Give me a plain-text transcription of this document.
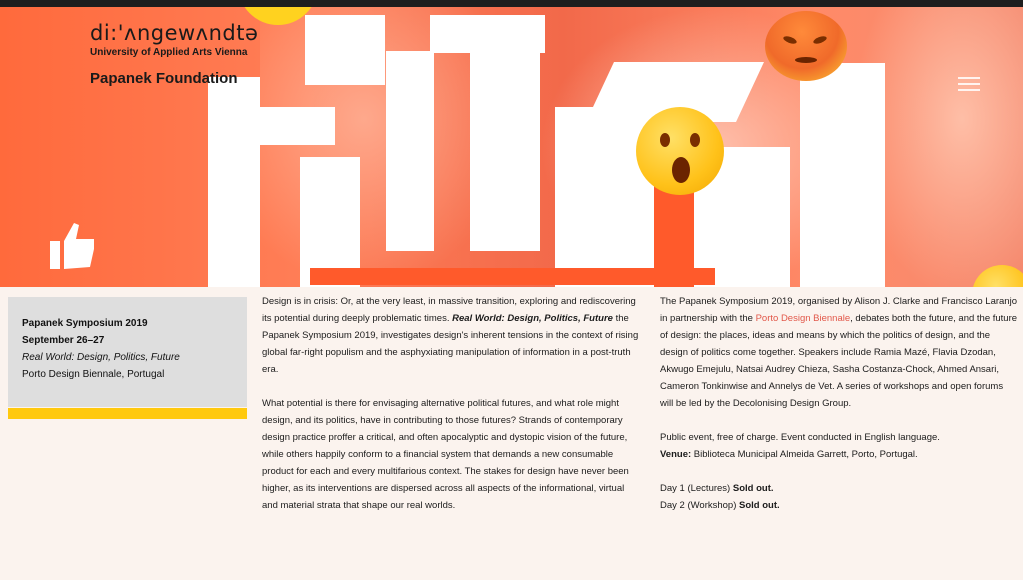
di:'ʌngewʌndtə
University of Applied Arts Vienna
Papanek Foundation
Papanek Symposium 2019
September 26–27
Real World: Design, Politics, Future
Porto Design Biennale, Portugal

Design is in crisis: Or, at the very least, in massive transition, exploring and rediscovering its potential during deeply problematic times. Real World: Design, Politics, Future the Papanek Symposium 2019, investigates design's inherent tensions in the context of rising global far-right populism and the asphyxiating manipulation of information in a post-truth era.

What potential is there for envisaging alternative political futures, and what role might design, and its politics, have in contributing to those futures? Strands of contemporary design practice proffer a critical, and often apocalyptic and dystopic vision of the future, while others happily conform to a financial system that demands a new consumable product for each and every multifarious context. The stakes for design have never been higher, as its interventions are dispersed across all aspects of the informational, virtual and material strata that shape our real worlds.

The Papanek Symposium 2019, organised by Alison J. Clarke and Francisco Laranjo in partnership with the Porto Design Biennale, debates both the future, and the future of design: the places, ideas and means by which the politics of design, and the design of politics come together. Speakers include Ramia Mazé, Flavia Dzodan, Akwugo Emejulu, Natsai Audrey Chieza, Sasha Costanza-Chock, Ahmed Ansari, Cameron Tonkinwise and Annelys de Vet. A series of workshops and open forums will be led by the Decolonising Design Group.

Public event, free of charge. Event conducted in English language.
Venue: Biblioteca Municipal Almeida Garrett, Porto, Portugal.

Day 1 (Lectures) Sold out.

Day 2 (Workshop) Sold out.
